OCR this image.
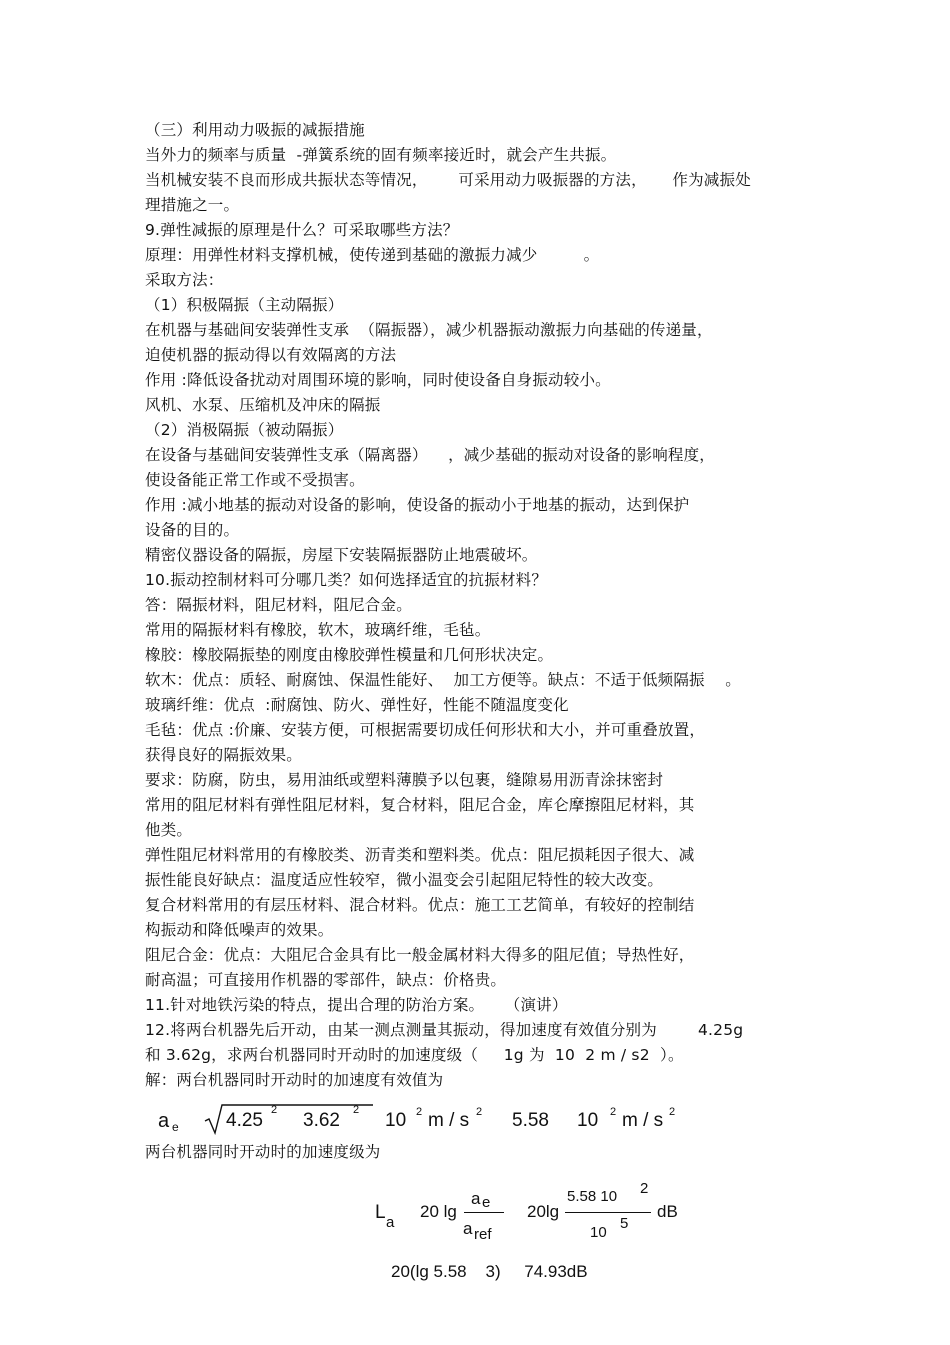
（三）利用动力吸振的减振措施
当外力的频率与质量  -弹簧系统的固有频率接近时，就会产生共振。
当机械安装不良而形成共振状态等情况，      可采用动力吸振器的方法，     作为减振处
理措施之一。
9.弹性减振的原理是什么？可采取哪些方法？
原理：用弹性材料支撑机械，使传递到基础的激振力减少         。
采取方法：
（1）积极隔振（主动隔振）
在机器与基础间安装弹性支承  （隔振器），减少机器振动激振力向基础的传递量，
迫使机器的振动得以有效隔离的方法
作用 :降低设备扰动对周围环境的影响，同时使设备自身振动较小。
风机、水泵、压缩机及冲床的隔振
（2）消极隔振（被动隔振）
在设备与基础间安装弹性支承（隔离器）    ，减少基础的振动对设备的影响程度，
使设备能正常工作或不受损害。
作用 :减小地基的振动对设备的影响，使设备的振动小于地基的振动，达到保护
设备的目的。
精密仪器设备的隔振，房屋下安装隔振器防止地震破坏。
10.振动控制材料可分哪几类？如何选择适宜的抗振材料？
答：隔振材料，阻尼材料，阻尼合金。
常用的隔振材料有橡胶，软木，玻璃纤维，毛毡。
橡胶：橡胶隔振垫的刚度由橡胶弹性模量和几何形状决定。
软木：优点：质轻、耐腐蚀、保温性能好、  加工方便等。缺点：不适于低频隔振    。
玻璃纤维：优点  :耐腐蚀、防火、弹性好，性能不随温度变化
毛毡：优点 :价廉、安装方便，可根据需要切成任何形状和大小，并可重叠放置，
获得良好的隔振效果。
要求：防腐，防虫，易用油纸或塑料薄膜予以包裹，缝隙易用沥青涂抹密封
常用的阻尼材料有弹性阻尼材料，复合材料，阻尼合金，库仑摩擦阻尼材料，其
他类。
弹性阻尼材料常用的有橡胶类、沥青类和塑料类。优点：阻尼损耗因子很大、减
振性能良好缺点：温度适应性较窄，微小温变会引起阻尼特性的较大改变。
复合材料常用的有层压材料、混合材料。优点：施工工艺简单，有较好的控制结
构振动和降低噪声的效果。
阻尼合金：优点：大阻尼合金具有比一般金属材料大得多的阻尼值；导热性好，
耐高温；可直接用作机器的零部件，缺点：价格贵。
11.针对地铁污染的特点，提出合理的防治方案。    （演讲）
12.将两台机器先后开动，由某一测点测量其振动，得加速度有效值分别为        4.25g
和 3.62g，求两台机器同时开动时的加速度级（     1g 为  10  2 m / s2  ）。
解：两台机器同时开动时的加速度有效值为
a e 4.25 2 3.62 2 10 2 m / s 2 5.58 10 2 m / s 2
两台机器同时开动时的加速度级为
L a
20 lg
a e
a ref
20lg
5.58 10 2
10
5
dB
20(lg 5.58    3)     74.93dB
